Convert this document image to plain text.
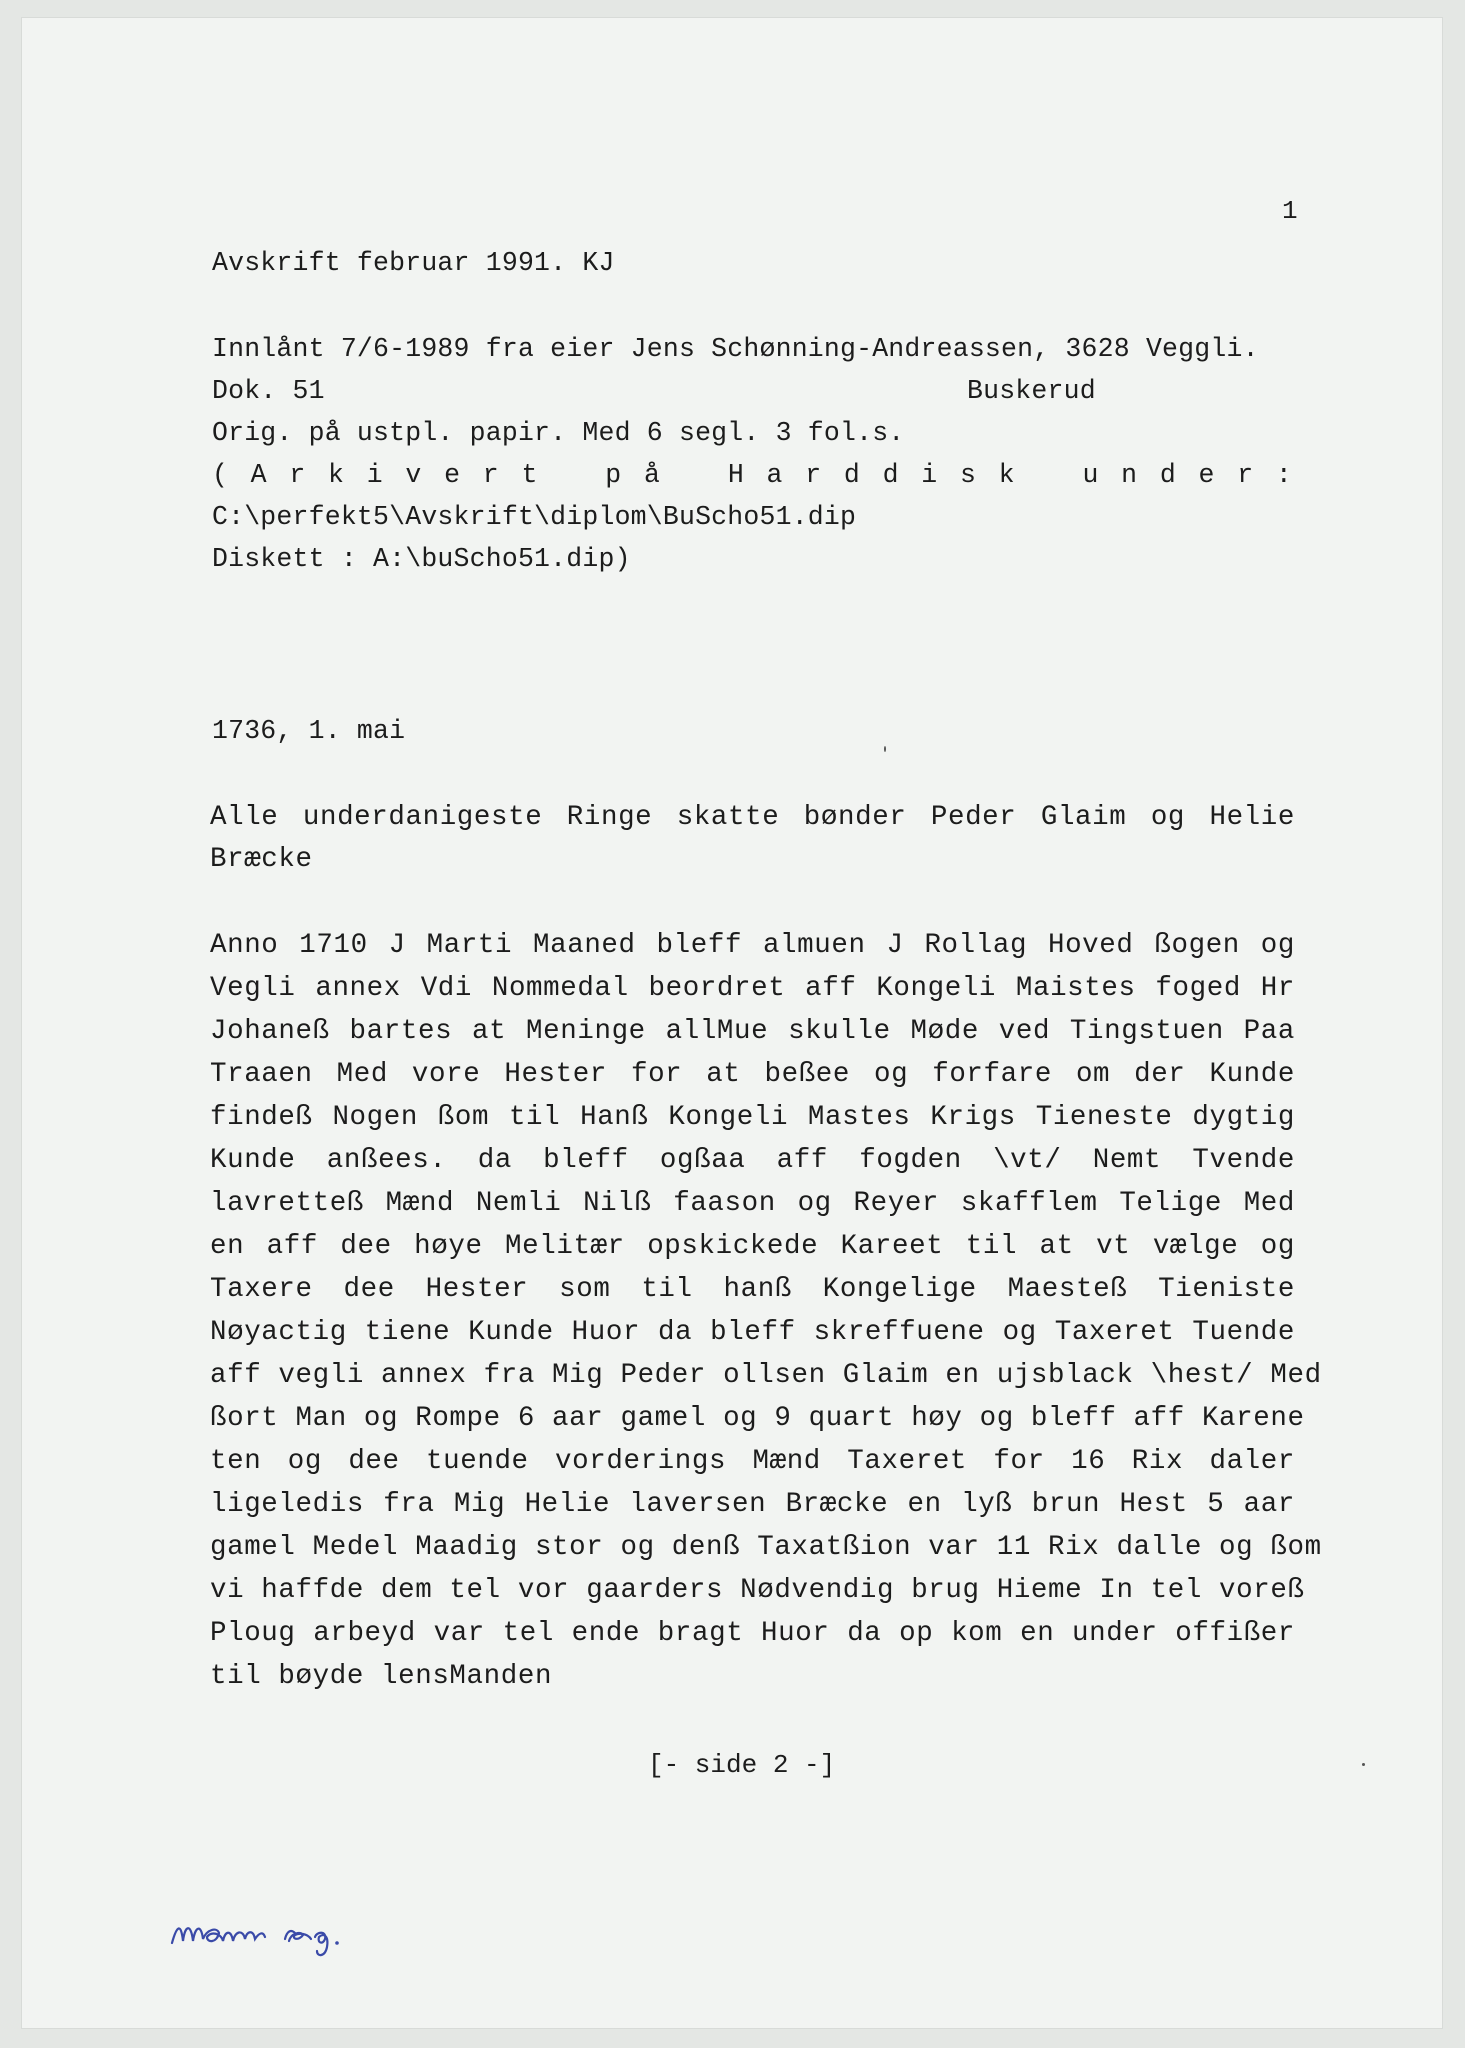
1
Avskrift februar 1991. KJ
Innlånt 7/6-1989 fra eier Jens Schønning-Andreassen, 3628 Veggli.
Dok. 51	Buskerud
Orig. på ustpl. papir. Med 6 segl. 3 fol.s.
( A r k i v e r t   p å   H a r d d i s k   u n d e r :
C:\perfekt5\Avskrift\diplom\BuScho51.dip
Diskett : A:\buScho51.dip)
1736, 1. mai
Alle underdanigeste Ringe skatte bønder Peder Glaim og Helie
Bræcke
Anno 1710 J Marti Maaned bleff almuen J Rollag Hoved ßogen og
Vegli annex Vdi Nommedal beordret aff Kongeli Maistes foged Hr
Johaneß bartes at Meninge allMue skulle Møde ved Tingstuen Paa
Traaen Med vore Hester for at beßee og forfare om der Kunde
findeß Nogen ßom til Hanß Kongeli Mastes Krigs Tieneste dygtig
Kunde anßees. da bleff ogßaa aff fogden \vt/ Nemt Tvende
lavretteß Mænd Nemli Nilß faason og Reyer skafflem Telige Med
en aff dee høye Melitær opskickede Kareet til at vt vælge og
Taxere dee Hester som til hanß Kongelige Maesteß Tieniste
Nøyactig tiene Kunde Huor da bleff skreffuene og Taxeret Tuende
aff vegli annex fra Mig Peder ollsen Glaim en ujsblack \hest/ Med
ßort Man og Rompe 6 aar gamel og 9 quart høy og bleff aff Karene
ten og dee tuende vorderings Mænd Taxeret for 16 Rix daler
ligeledis fra Mig Helie laversen Bræcke en lyß brun Hest 5 aar
gamel Medel Maadig stor og denß Taxatßion var 11 Rix dalle og ßom
vi haffde dem tel vor gaarders Nødvendig brug Hieme In tel voreß
Ploug arbeyd var tel ende bragt Huor da op kom en under offißer
til bøyde lensManden
[- side 2 -]
